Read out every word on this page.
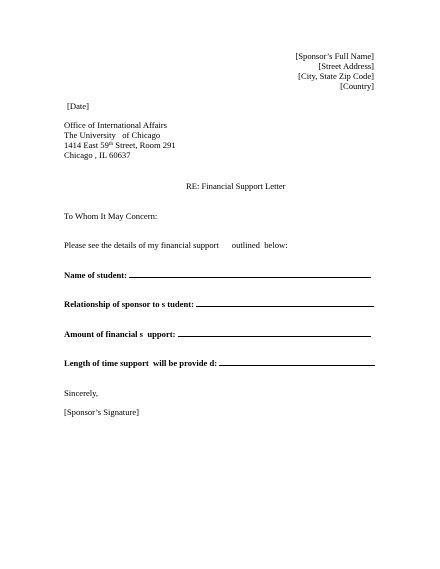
[Sponsor’s Full Name]
[Street Address]
[City, State Zip Code]
[Country]
[Date]
Office of International Affairs
The University   of Chicago
1414 East 59th Street, Room 291
Chicago , IL 60637
RE: Financial Support Letter
To Whom It May Concern:
Please see the details of my financial support      outlined  below:
Name of student:
Relationship of sponsor to s tudent:
Amount of financial s  upport:
Length of time support  will be provide d:
Sincerely,
[Sponsor’s Signature]
